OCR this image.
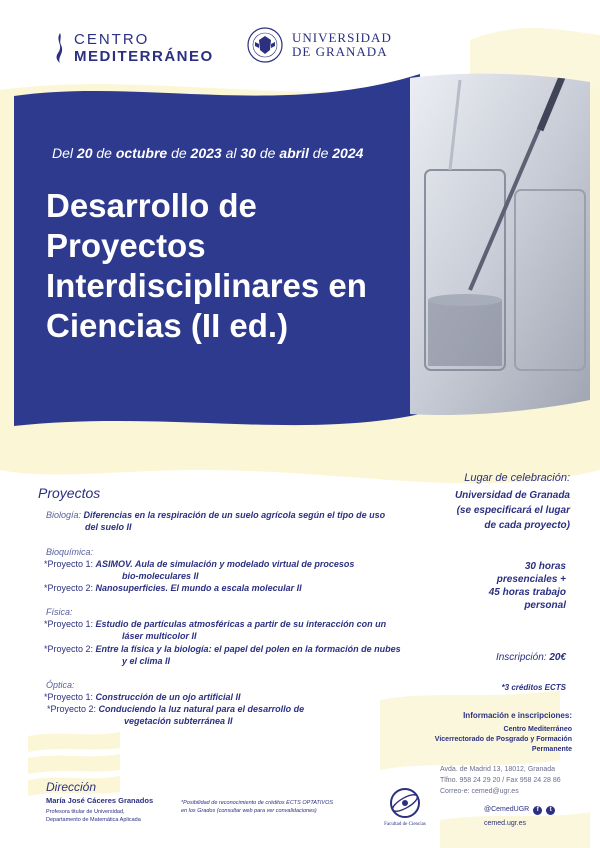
CENTRO
MEDITERRÁNEO
UNIVERSIDAD
DE GRANADA
Del 20 de octubre de 2023 al 30 de abril de 2024
Desarrollo de Proyectos Interdisciplinares en Ciencias (II ed.)
Proyectos
Biología: Diferencias en la respiración de un suelo agrícola según el tipo de uso
del suelo II
Bioquímica:
*Proyecto 1: ASIMOV. Aula de simulación y modelado virtual de procesos
bio-moleculares II
*Proyecto 2: Nanosuperficies. El mundo a escala molecular II
Física:
*Proyecto 1: Estudio de partículas atmosféricas a partir de su interacción con un
láser multicolor II
*Proyecto 2: Entre la física y la biología: el papel del polen en la formación de nubes
y el clima II
Óptica:
*Proyecto 1: Construcción de un ojo artificial II
*Proyecto 2: Conduciendo la luz natural para el desarrollo de
vegetación subterránea II
Lugar de celebración:
Universidad de Granada
(se especificará el lugar
de cada proyecto)
30 horas
presenciales +
45 horas trabajo
personal
Inscripción: 20€
*3 créditos ECTS
Información e inscripciones:
Centro Mediterráneo
Vicerrectorado de Posgrado y Formación
Permanente
Avda. de Madrid 13, 18012, Granada
Tlfno. 958 24 29 20 / Fax 958 24 28 86
Correo-e: cemed@ugr.es
@CemedUGR	f	t
cemed.ugr.es
Dirección
María José Cáceres Granados
Profesora titular de Universidad,
Departamento de Matemática Aplicada
*Posibilidad de reconocimiento de créditos ECTS OPTATIVOS
en los Grados (consultar web para ver convalidaciones)
Facultad de Ciencias
